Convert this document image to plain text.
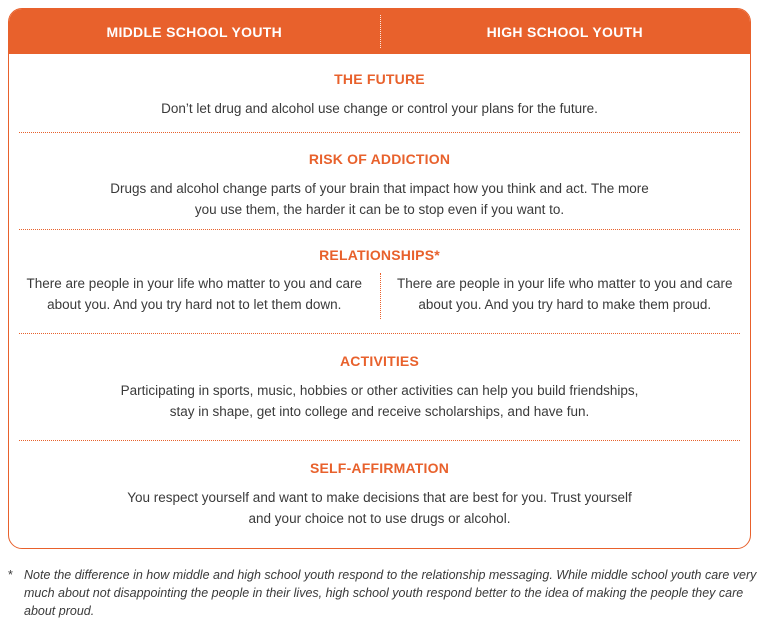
MIDDLE SCHOOL YOUTH	HIGH SCHOOL YOUTH
THE FUTURE
Don’t let drug and alcohol use change or control your plans for the future.
RISK OF ADDICTION
Drugs and alcohol change parts of your brain that impact how you think and act. The more
you use them, the harder it can be to stop even if you want to.
RELATIONSHIPS*
There are people in your life who matter to you and care
about you. And you try hard not to let them down.
There are people in your life who matter to you and care
about you. And you try hard to make them proud.
ACTIVITIES
Participating in sports, music, hobbies or other activities can help you build friendships,
stay in shape, get into college and receive scholarships, and have fun.
SELF-AFFIRMATION
You respect yourself and want to make decisions that are best for you. Trust yourself
and your choice not to use drugs or alcohol.
* Note the difference in how middle and high school youth respond to the relationship messaging. While middle school youth care very much about not disappointing the people in their lives, high school youth respond better to the idea of making the people they care about proud.
